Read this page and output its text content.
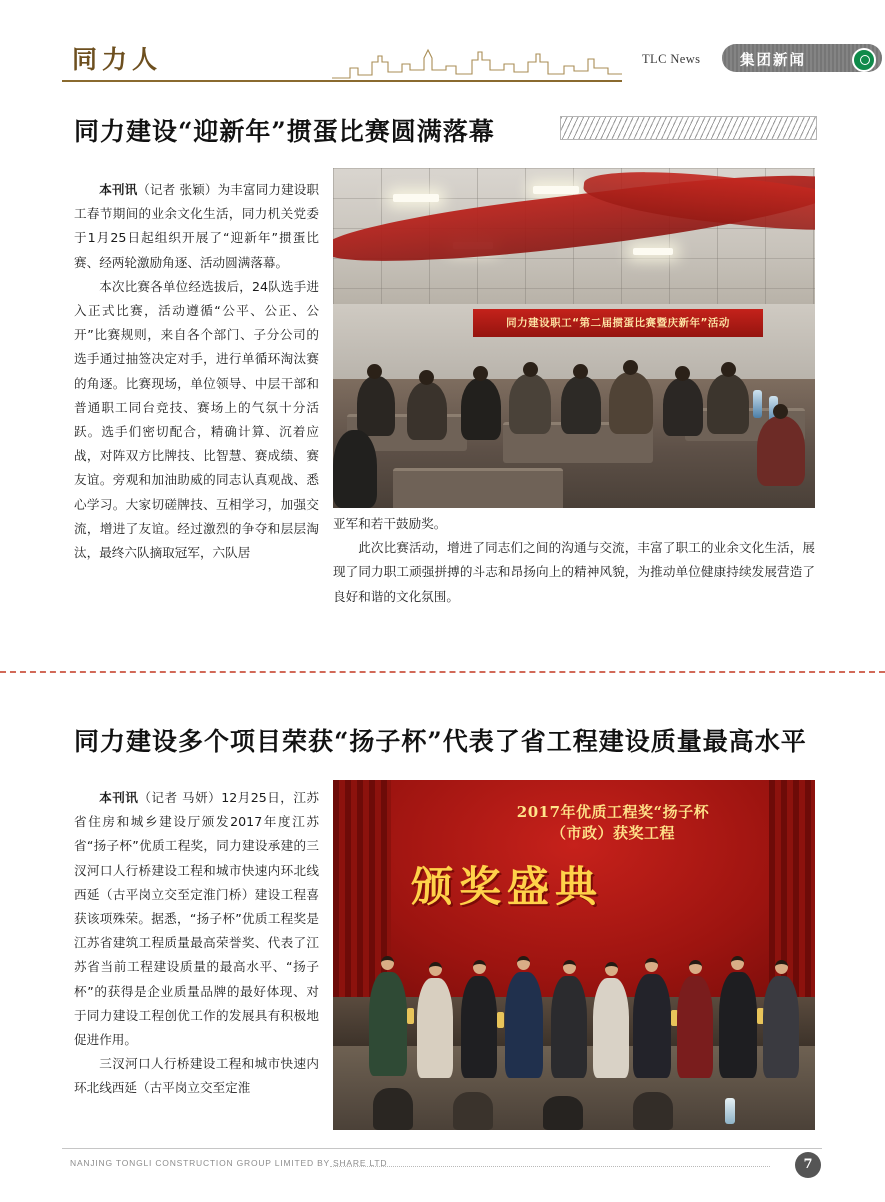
同力人	TLC News	集团新闻
同力建设“迎新年”掼蛋比赛圆满落幕

本刊讯（记者 张颖）为丰富同力建设职工春节期间的业余文化生活，同力机关党委于1月25日起组织开展了“迎新年”掼蛋比赛、经两轮激励角逐、活动圆满落幕。

本次比赛各单位经选拔后，24队选手进入正式比赛，活动遵循“公平、公正、公开”比赛规则，来自各个部门、子分公司的选手通过抽签决定对手，进行单循环淘汰赛的角逐。比赛现场，单位领导、中层干部和普通职工同台竞技、赛场上的气氛十分活跃。选手们密切配合，精确计算、沉着应战，对阵双方比牌技、比智慧、赛成绩、赛友谊。旁观和加油助威的同志认真观战、悉心学习。大家切磋牌技、互相学习，加强交流，增进了友谊。经过激烈的争夺和层层淘汰，最终六队摘取冠军，六队居

同力建设职工“第二届掼蛋比赛暨庆新年”活动

亚军和若干鼓励奖。

此次比赛活动，增进了同志们之间的沟通与交流，丰富了职工的业余文化生活，展现了同力职工顽强拼搏的斗志和昂扬向上的精神风貌，为推动单位健康持续发展营造了良好和谐的文化氛围。

同力建设多个项目荣获“扬子杯”代表了省工程建设质量最高水平

本刊讯（记者 马妍）12月25日，江苏省住房和城乡建设厅颁发2017年度江苏省“扬子杯”优质工程奖，同力建设承建的三汊河口人行桥建设工程和城市快速内环北线西延（古平岗立交至定淮门桥）建设工程喜获该项殊荣。据悉，“扬子杯”优质工程奖是江苏省建筑工程质量最高荣誉奖、代表了江苏省当前工程建设质量的最高水平、“扬子杯”的获得是企业质量品牌的最好体现、对于同力建设工程创优工作的发展具有积极地促进作用。

三汊河口人行桥建设工程和城市快速内环北线西延（古平岗立交至定淮

2017年优质工程奖“扬子杯
（市政）获奖工程
颁奖盛典
NANJING TONGLI CONSTRUCTION GROUP LIMITED BY SHARE LTD	7
